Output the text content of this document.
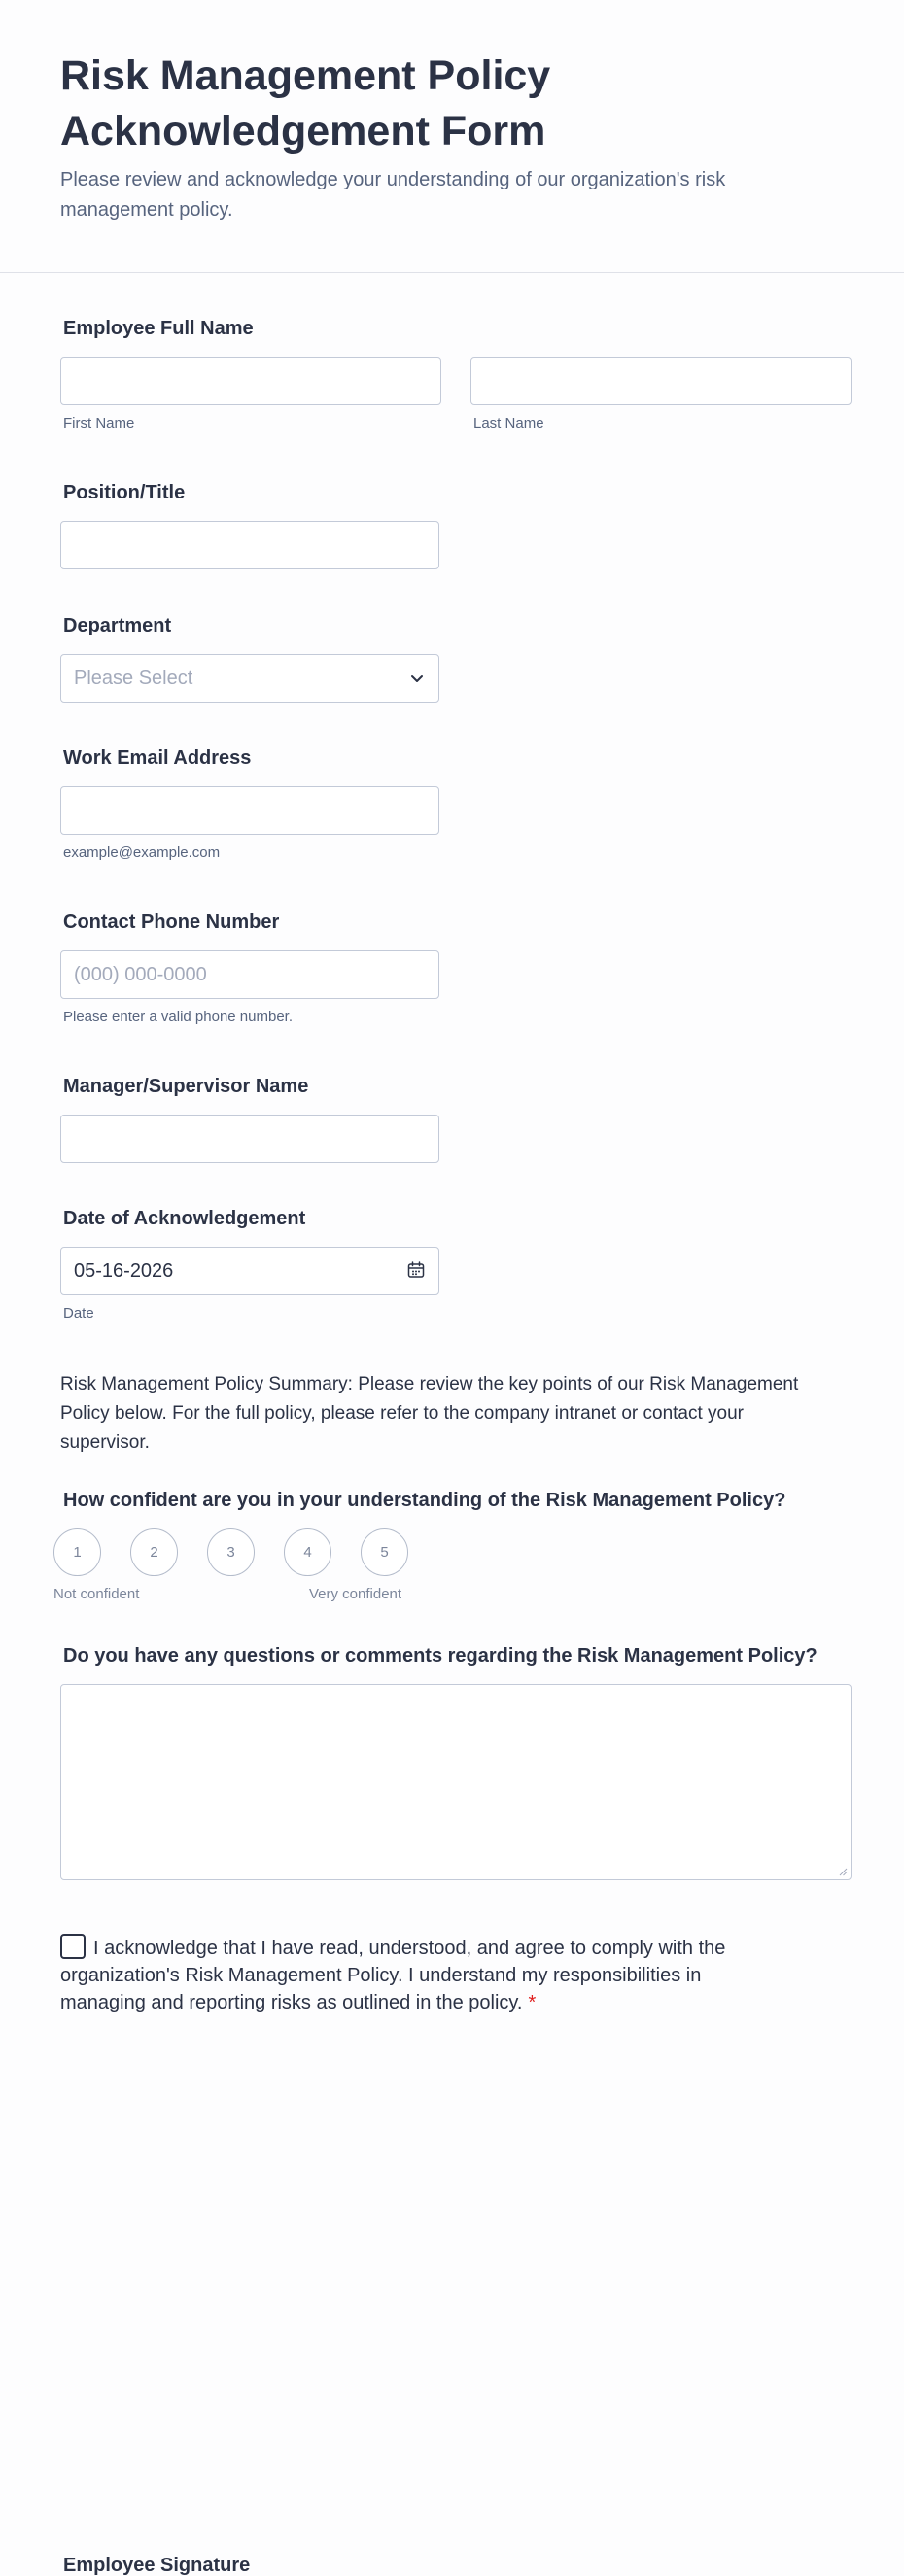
Risk Management Policy Acknowledgement Form

Please review and acknowledge your understanding of our organization's risk management policy.

Employee Full Name
First Name	Last Name
Position/Title
Department
Please Select
Work Email Address
example@example.com
Contact Phone Number
(000) 000-0000
Please enter a valid phone number.
Manager/Supervisor Name
Date of Acknowledgement
05-16-2026
Date

Risk Management Policy Summary: Please review the key points of our Risk Management Policy below. For the full policy, please refer to the company intranet or contact your supervisor.

How confident are you in your understanding of the Risk Management Policy?
1	2	3	4	5
Not confident	Very confident
Do you have any questions or comments regarding the Risk Management Policy?
I acknowledge that I have read, understood, and agree to comply with the organization's Risk Management Policy. I understand my responsibilities in managing and reporting risks as outlined in the policy. *
Employee Signature
